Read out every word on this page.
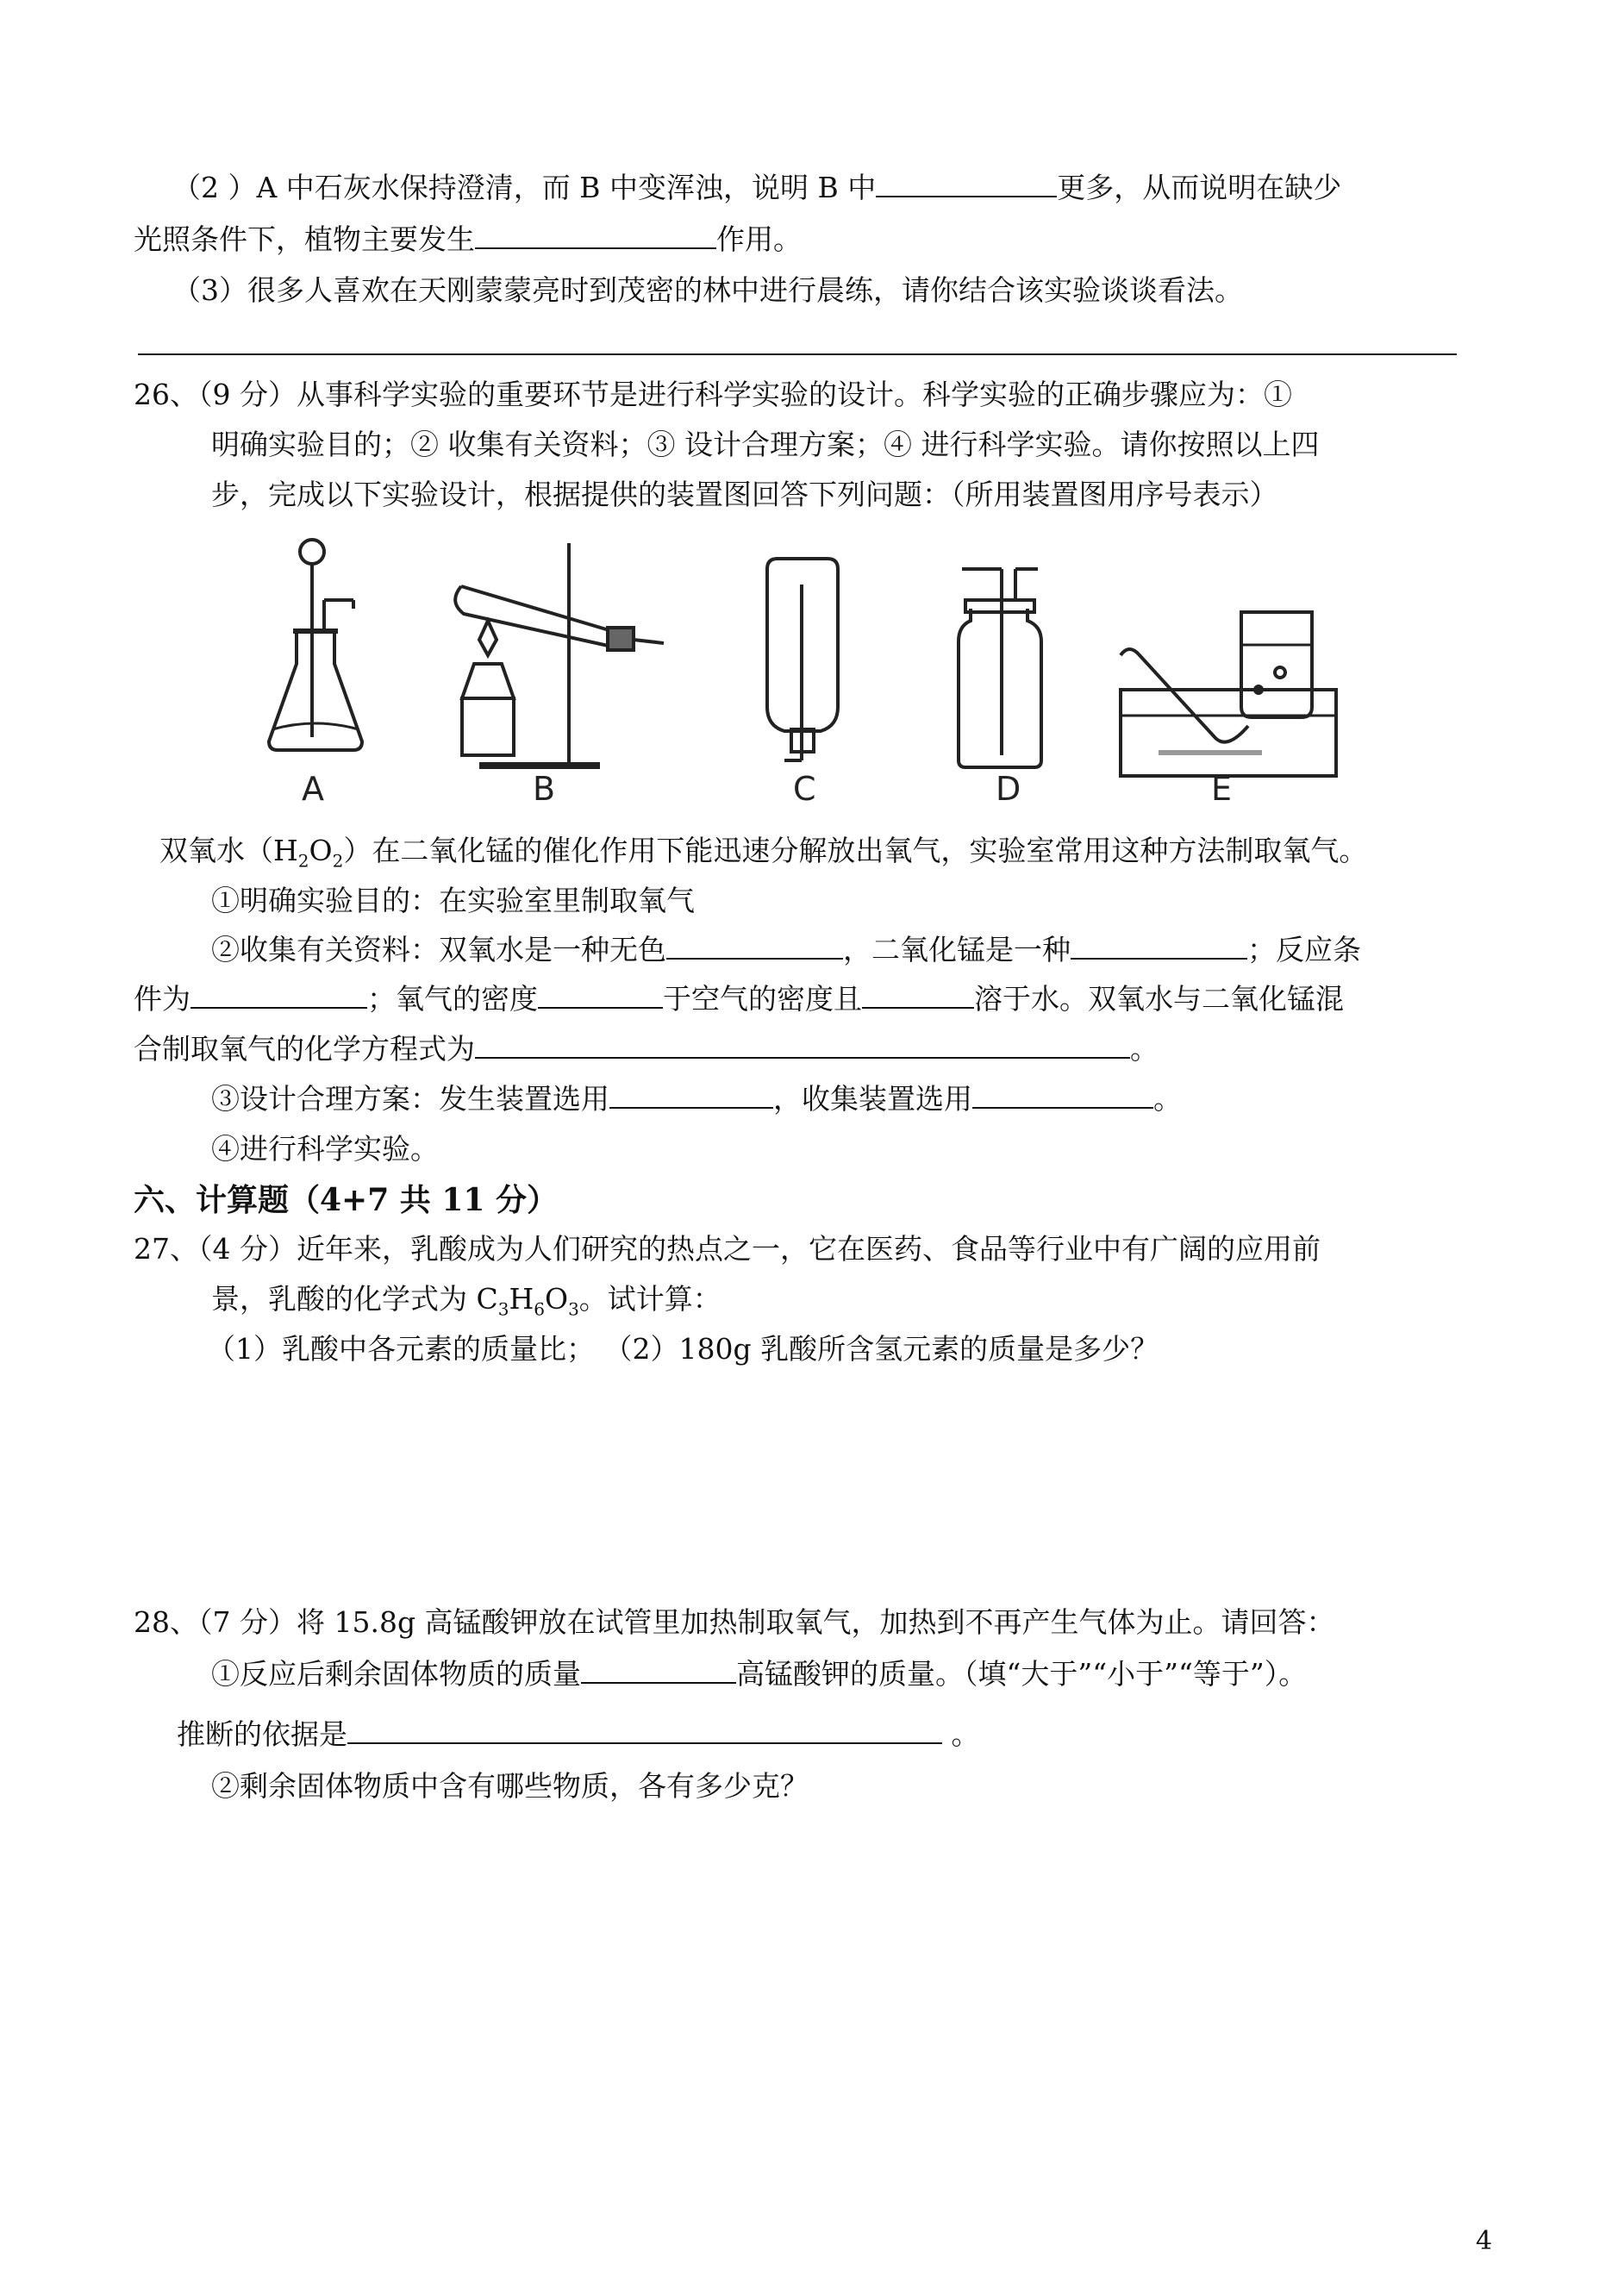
（2 ）A 中石灰水保持澄清，而 B 中变浑浊，说明 B 中	更多，从而说明在缺少
光照条件下，植物主要发生	作用。
（3）很多人喜欢在天刚蒙蒙亮时到茂密的林中进行晨练，请你结合该实验谈谈看法。
26、（9 分）从事科学实验的重要环节是进行科学实验的设计。科学实验的正确步骤应为：①
明确实验目的；② 收集有关资料；③ 设计合理方案；④ 进行科学实验。请你按照以上四
步，完成以下实验设计，根据提供的装置图回答下列问题：（所用装置图用序号表示）
A	B	C	D	E
双氧水$(H_2O_2)$在二氧化锰的催化作用下能迅速分解放出氧气，实验室常用这种方法制取氧气。
①明确实验目的：在实验室里制取氧气
②收集有关资料：双氧水是一种无色	，二氧化锰是一种	；反应条
件为	；氧气的密度	于空气的密度且	溶于水。双氧水与二氧化锰混
合制取氧气的化学方程式为	。
③设计合理方案：发生装置选用	，收集装置选用	。
④进行科学实验。
六、计算题（4+7 共 11 分）
27、（4 分）近年来，乳酸成为人们研究的热点之一，它在医药、食品等行业中有广阔的应用前
景，乳酸的化学式为 $C_3H_6O_3$。试计算：
（1）乳酸中各元素的质量比； （2）180g 乳酸所含氢元素的质量是多少？
28、（7 分）将 15.8g 高锰酸钾放在试管里加热制取氧气，加热到不再产生气体为止。请回答：
①反应后剩余固体物质的质量	高锰酸钾的质量。（填“大于”“小于”“等于”）。
推断的依据是	。
②剩余固体物质中含有哪些物质，各有多少克？
4
